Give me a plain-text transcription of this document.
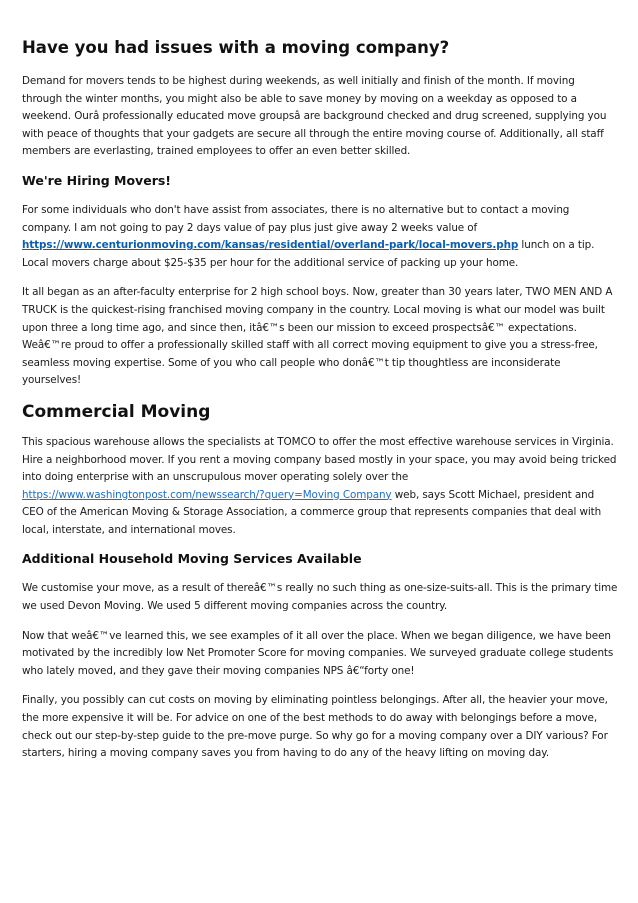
Have you had issues with a moving company?

Demand for movers tends to be highest during weekends, as well initially and finish of the month. If moving through the winter months, you might also be able to save money by moving on a weekday as opposed to a weekend. Ourâ professionally educated move groupsâ are background checked and drug screened, supplying you with peace of thoughts that your gadgets are secure all through the entire moving course of. Additionally, all staff members are everlasting, trained employees to offer an even better skilled.

We're Hiring Movers!

For some individuals who don't have assist from associates, there is no alternative but to contact a moving company. I am not going to pay 2 days value of pay plus just give away 2 weeks value of https://www.centurionmoving.com/kansas/residential/overland-park/local-movers.php lunch on a tip. Local movers charge about $25-$35 per hour for the additional service of packing up your home.

It all began as an after-faculty enterprise for 2 high school boys. Now, greater than 30 years later, TWO MEN AND A TRUCK is the quickest-rising franchised moving company in the country. Local moving is what our model was built upon three a long time ago, and since then, itâ€™s been our mission to exceed prospectsâ€™ expectations. Weâ€™re proud to offer a professionally skilled staff with all correct moving equipment to give you a stress-free, seamless moving expertise. Some of you who call people who donâ€™t tip thoughtless are inconsiderate yourselves!

Commercial Moving

This spacious warehouse allows the specialists at TOMCO to offer the most effective warehouse services in Virginia. Hire a neighborhood mover. If you rent a moving company based mostly in your space, you may avoid being tricked into doing enterprise with an unscrupulous mover operating solely over the https://www.washingtonpost.com/newssearch/?query=Moving Company web, says Scott Michael, president and CEO of the American Moving & Storage Association, a commerce group that represents companies that deal with local, interstate, and international moves.

Additional Household Moving Services Available

We customise your move, as a result of thereâ€™s really no such thing as one-size-suits-all. This is the primary time we used Devon Moving. We used 5 different moving companies across the country.

Now that weâ€™ve learned this, we see examples of it all over the place. When we began diligence, we have been motivated by the incredibly low Net Promoter Score for moving companies. We surveyed graduate college students who lately moved, and they gave their moving companies NPS â€“forty one!

Finally, you possibly can cut costs on moving by eliminating pointless belongings. After all, the heavier your move, the more expensive it will be. For advice on one of the best methods to do away with belongings before a move, check out our step-by-step guide to the pre-move purge. So why go for a moving company over a DIY various? For starters, hiring a moving company saves you from having to do any of the heavy lifting on moving day.
